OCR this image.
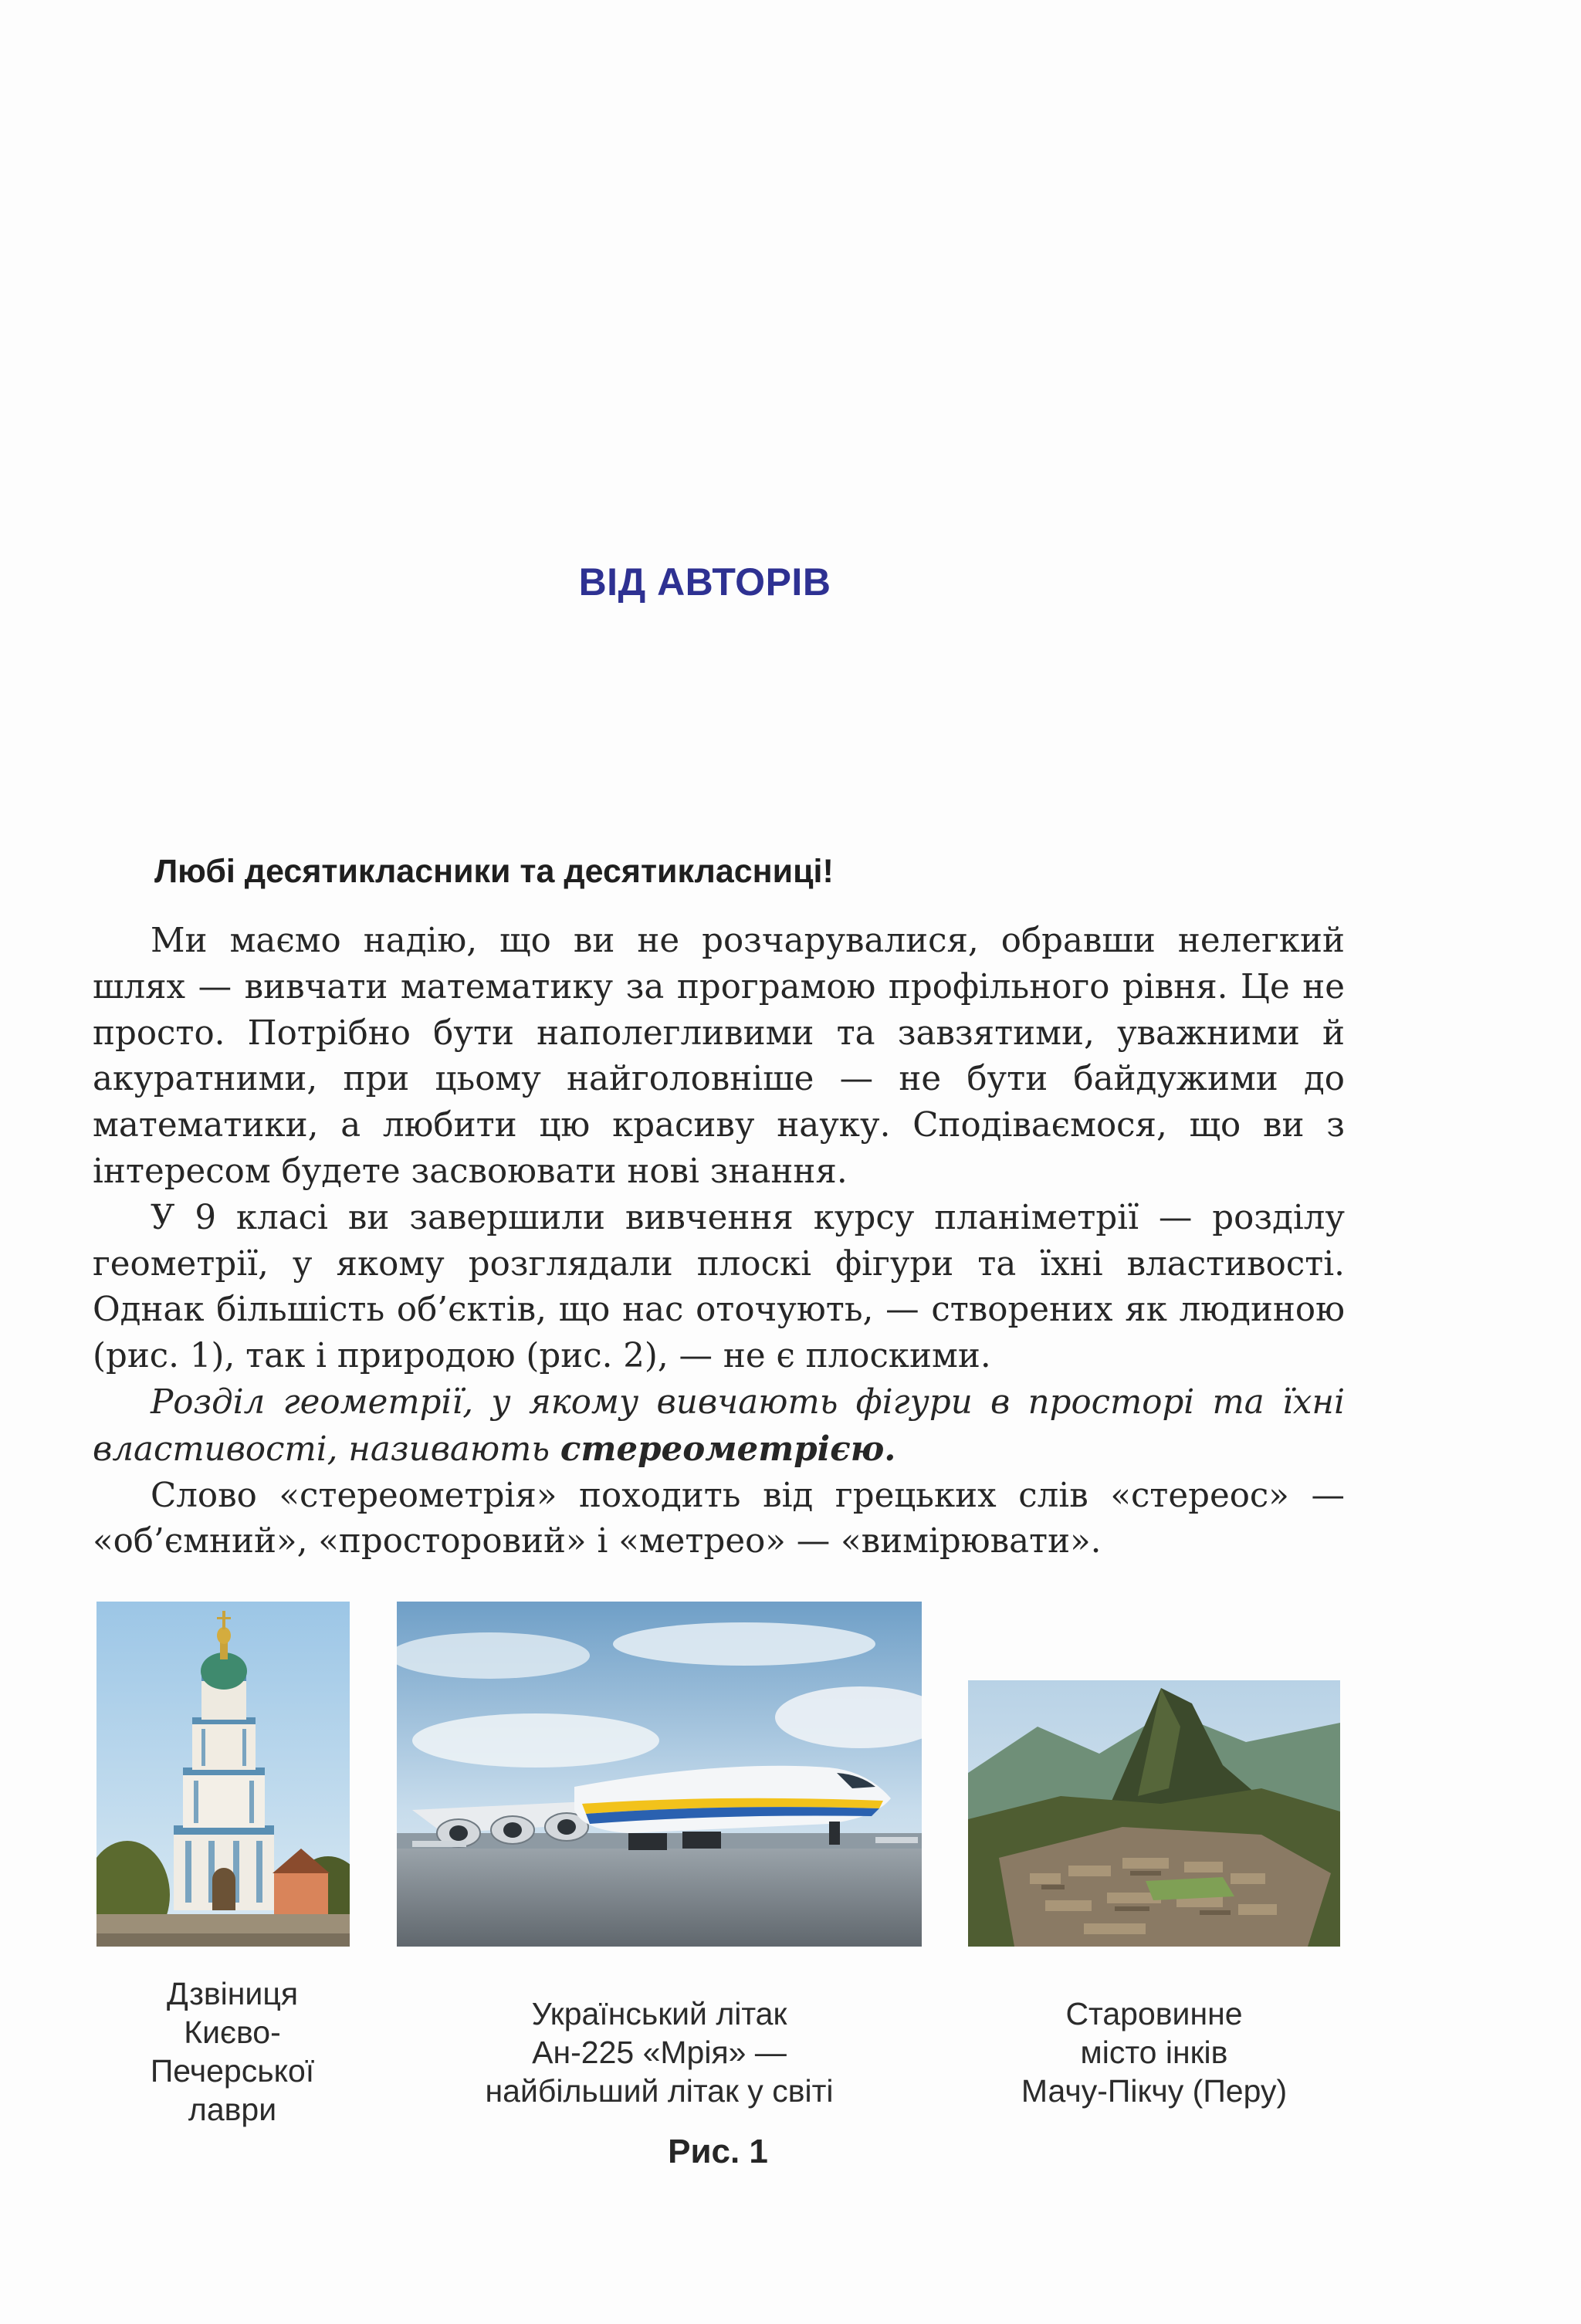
ВІД АВТОРІВ
Любі десятикласники та десятикласниці!

Ми маємо надію, що ви не розчарувалися, обравши нелегкий шлях — вивчати математику за програмою профільного рівня. Це не просто. Потрібно бути наполегливими та завзятими, уважними й акуратними, при цьому найголовніше — не бути байдужими до математики, а любити цю красиву науку. Сподіваємося, що ви з інтересом будете засвоювати нові знання.

У 9 класі ви завершили вивчення курсу планіметрії — розділу геометрії, у якому розглядали плоскі фігури та їхні властивості. Однак більшість об’єктів, що нас оточують, — створених як людиною (рис. 1), так і природою (рис. 2), — не є плоскими.

Розділ геометрії, у якому вивчають фігури в просторі та їхні властивості, називають стереометрією.

Слово «стереометрія» походить від грецьких слів «стереос» — «об’ємний», «просторовий» і «метрео» — «вимірювати».

Дзвіниця
Києво-
Печерської
лаври
Український літак
Ан-225 «Мрія» —
найбільший літак у світі
Старовинне
місто інків
Мачу-Пікчу (Перу)
Рис. 1
